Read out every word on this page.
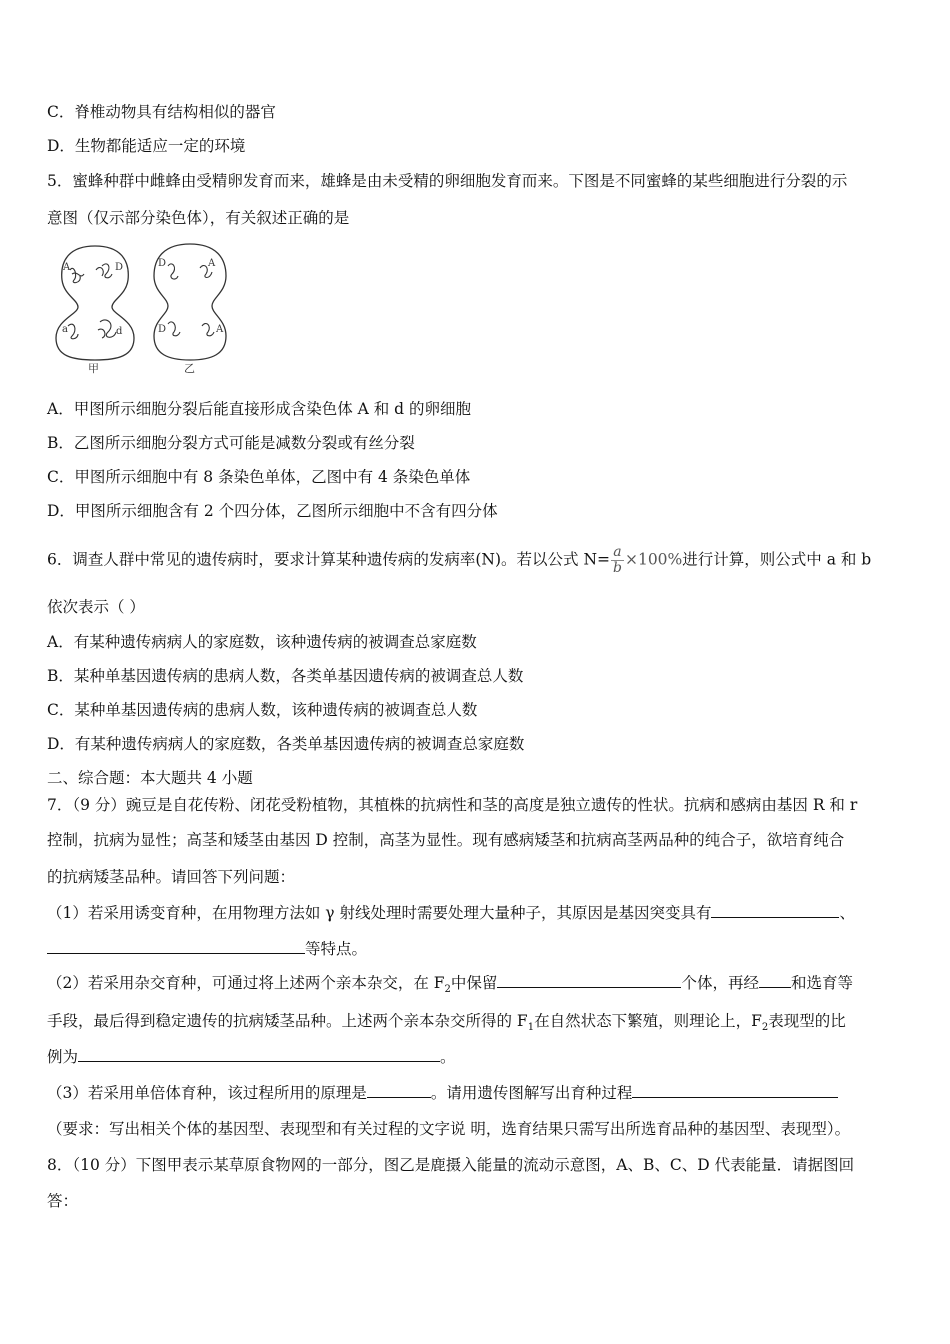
C．脊椎动物具有结构相似的器官
D．生物都能适应一定的环境
5．蜜蜂种群中雌蜂由受精卵发育而来，雄蜂是由未受精的卵细胞发育而来。下图是不同蜜蜂的某些细胞进行分裂的示
意图（仅示部分染色体），有关叙述正确的是
A	D
a	d
甲
D	A
D	A
乙
A．甲图所示细胞分裂后能直接形成含染色体 A 和 d 的卵细胞
B．乙图所示细胞分裂方式可能是减数分裂或有丝分裂
C．甲图所示细胞中有 8 条染色单体，乙图中有 4 条染色单体
D．甲图所示细胞含有 2 个四分体，乙图所示细胞中不含有四分体
6．调查人群中常见的遗传病时，要求计算某种遗传病的发病率(N)。若以公式 $N= \frac{a}{b} \times 100\%$进行计算，则公式中 a 和 b
依次表示（ ）
A．有某种遗传病病人的家庭数，该种遗传病的被调查总家庭数
B．某种单基因遗传病的患病人数，各类单基因遗传病的被调查总人数
C．某种单基因遗传病的患病人数，该种遗传病的被调查总人数
D．有某种遗传病病人的家庭数，各类单基因遗传病的被调查总家庭数
二、综合题：本大题共 4 小题
7．（9 分）豌豆是自花传粉、闭花受粉植物，其植株的抗病性和茎的高度是独立遗传的性状。抗病和感病由基因 R 和 r
控制，抗病为显性；高茎和矮茎由基因 D 控制，高茎为显性。现有感病矮茎和抗病高茎两品种的纯合子，欲培育纯合
的抗病矮茎品种。请回答下列问题：
（1）若采用诱变育种，在用物理方法如 γ 射线处理时需要处理大量种子，其原因是基因突变具有	、
等特点。
（2）若采用杂交育种，可通过将上述两个亲本杂交，在 $F_2$中保留	个体，再经 和选育等
手段，最后得到稳定遗传的抗病矮茎品种。上述两个亲本杂交所得的 $F_1$在自然状态下繁殖，则理论上，$F_2$表现型的比
例为	。
（3）若采用单倍体育种，该过程所用的原理是	。请用遗传图解写出育种过程
（要求：写出相关个体的基因型、表现型和有关过程的文字说 明，选育结果只需写出所选育品种的基因型、表现型）。
8．（10 分）下图甲表示某草原食物网的一部分，图乙是鹿摄入能量的流动示意图，A、B、C、D 代表能量．请据图回
答：
